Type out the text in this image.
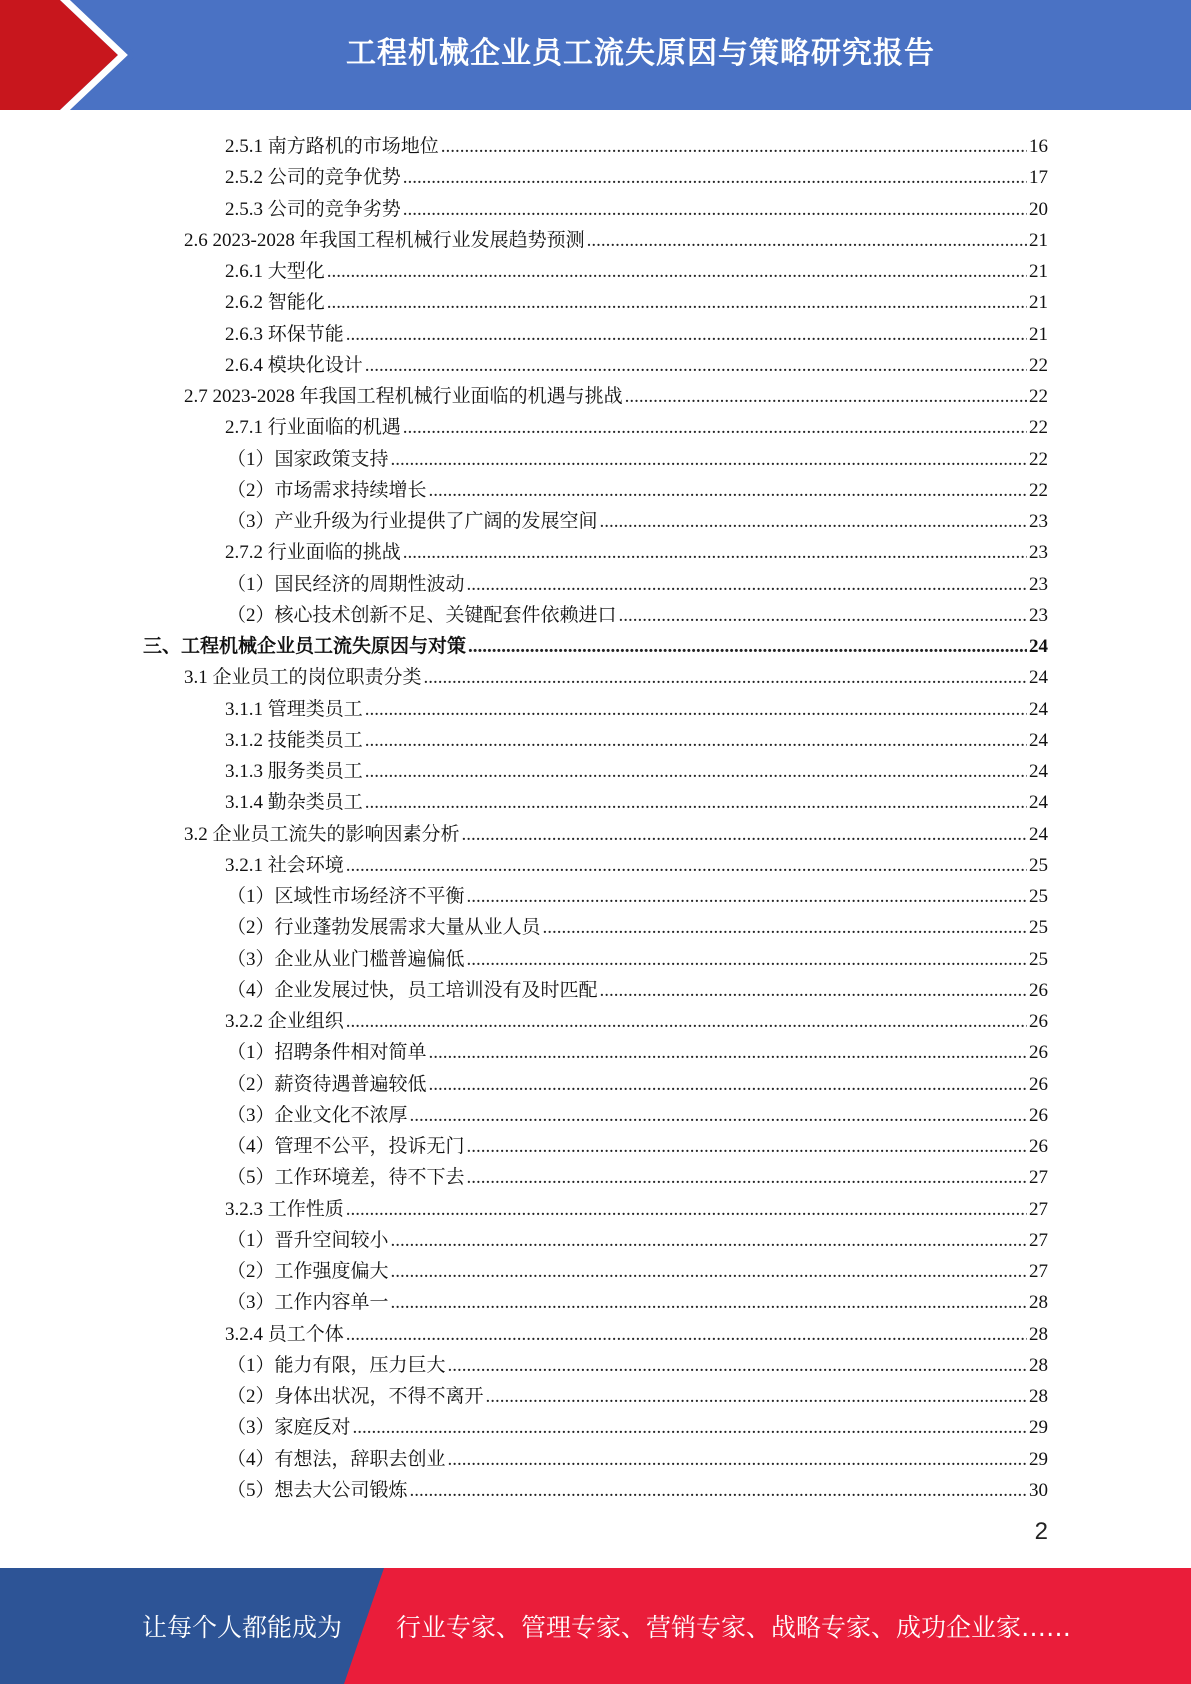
工程机械企业员工流失原因与策略研究报告
2.5.1 南方路机的市场地位 .....	16
2.5.2 公司的竞争优势 .....	17
2.5.3 公司的竞争劣势 .....	20
2.6 2023-2028 年我国工程机械行业发展趋势预测 .....	21
2.6.1 大型化 .....	21
2.6.2 智能化 .....	21
2.6.3 环保节能 .....	21
2.6.4 模块化设计 .....	22
2.7 2023-2028 年我国工程机械行业面临的机遇与挑战 .....	22
2.7.1 行业面临的机遇 .....	22
（1）国家政策支持 .....	22
（2）市场需求持续增长 .....	22
（3）产业升级为行业提供了广阔的发展空间 .....	23
2.7.2 行业面临的挑战 .....	23
（1）国民经济的周期性波动 .....	23
（2）核心技术创新不足、关键配套件依赖进口 .....	23
三、工程机械企业员工流失原因与对策 .....	24
3.1 企业员工的岗位职责分类 .....	24
3.1.1 管理类员工 .....	24
3.1.2 技能类员工 .....	24
3.1.3 服务类员工 .....	24
3.1.4 勤杂类员工 .....	24
3.2 企业员工流失的影响因素分析 .....	24
3.2.1 社会环境 .....	25
（1）区域性市场经济不平衡 .....	25
（2）行业蓬勃发展需求大量从业人员 .....	25
（3）企业从业门槛普遍偏低 .....	25
（4）企业发展过快，员工培训没有及时匹配 .....	26
3.2.2 企业组织 .....	26
（1）招聘条件相对简单 .....	26
（2）薪资待遇普遍较低 .....	26
（3）企业文化不浓厚 .....	26
（4）管理不公平，投诉无门 .....	26
（5）工作环境差，待不下去 .....	27
3.2.3 工作性质 .....	27
（1）晋升空间较小 .....	27
（2）工作强度偏大 .....	27
（3）工作内容单一 .....	28
3.2.4 员工个体 .....	28
（1）能力有限，压力巨大 .....	28
（2）身体出状况，不得不离开 .....	28
（3）家庭反对 .....	29
（4）有想法，辞职去创业 .....	29
（5）想去大公司锻炼 .....	30
2
让每个人都能成为 行业专家、管理专家、营销专家、战略专家、成功企业家……
